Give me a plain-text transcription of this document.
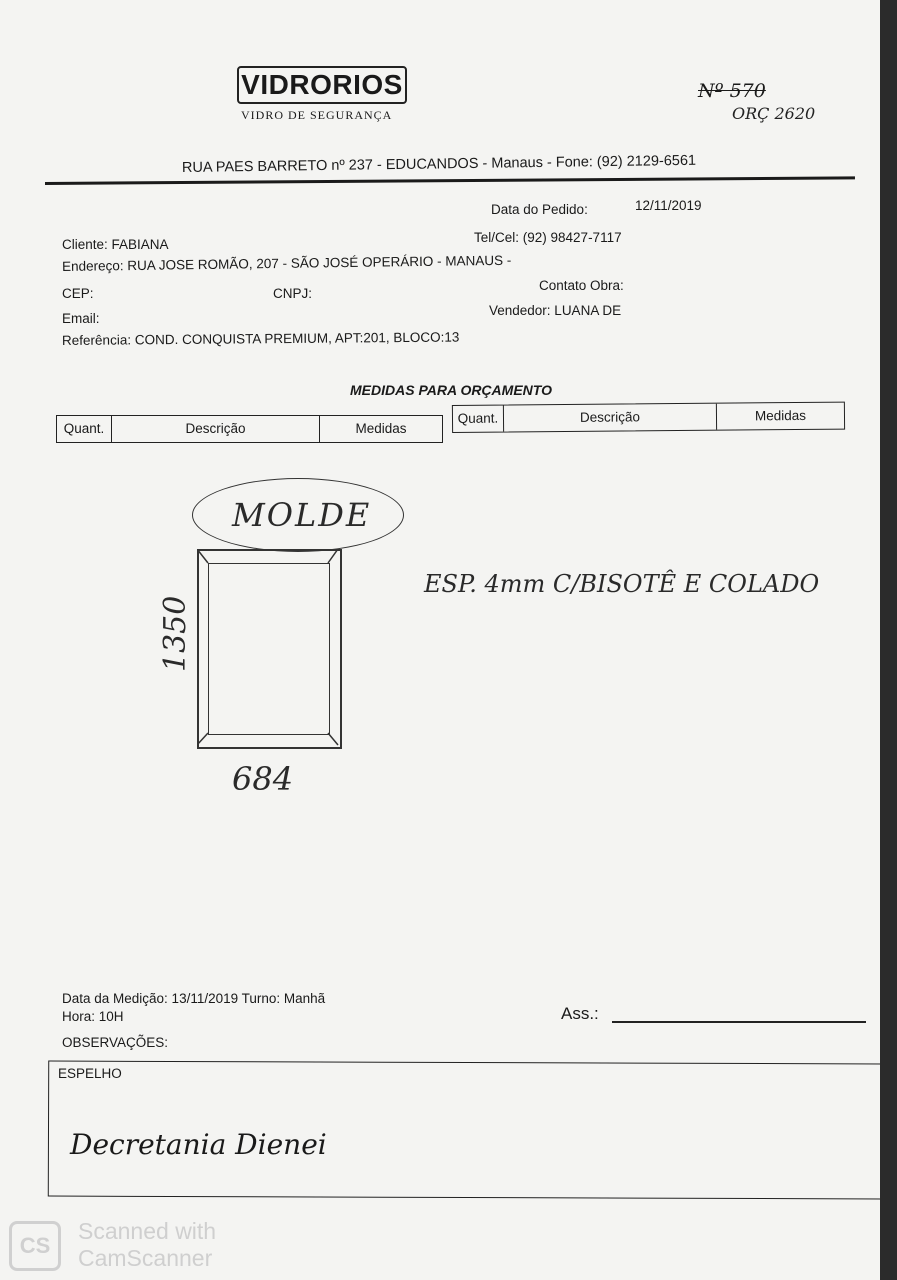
VIDRORIOS
VIDRO DE SEGURANÇA
Nº 570
ORÇ 2620
RUA PAES BARRETO nº 237 - EDUCANDOS - Manaus - Fone: (92) 2129-6561
Data do Pedido:	12/11/2019
Cliente: FABIANA	Tel/Cel: (92) 98427-7117
Endereço: RUA JOSE ROMÃO, 207 - SÃO JOSÉ OPERÁRIO - MANAUS -
CEP:	CNPJ:
Contato Obra:
Email:
Vendedor: LUANA DE
Referência: COND. CONQUISTA PREMIUM, APT:201, BLOCO:13
MEDIDAS PARA ORÇAMENTO
Quant.	Descrição	Medidas
Quant.	Descrição	Medidas
MOLDE
1350
684
ESP. 4mm C/BISOTÊ E COLADO
Data da Medição: 13/11/2019 Turno: Manhã
Hora: 10H	Ass.:
OBSERVAÇÕES:
ESPELHO
Decretania Dienei
CS
Scanned with
CamScanner
